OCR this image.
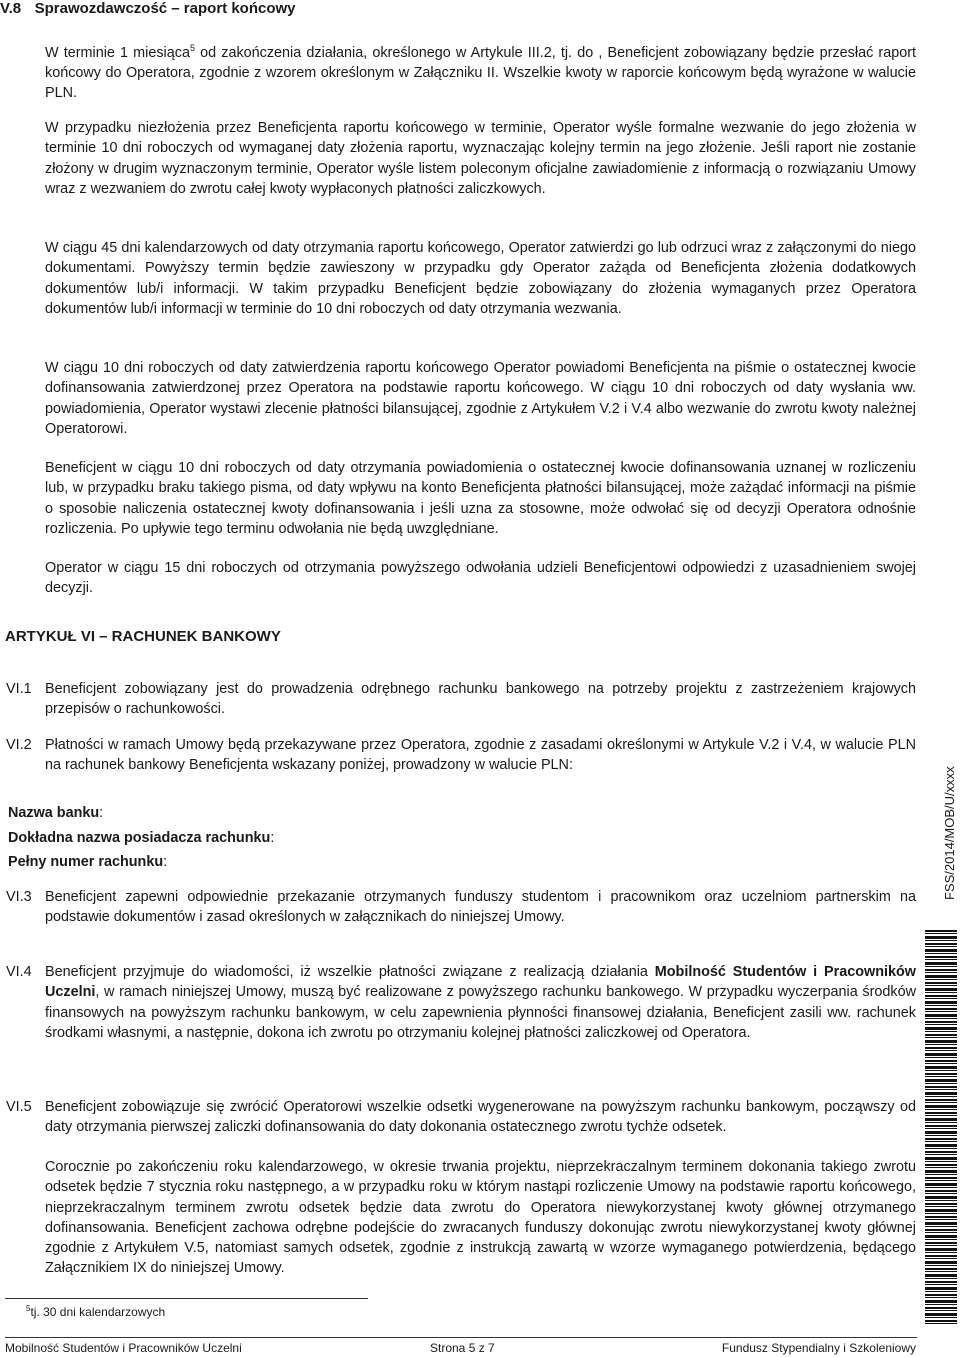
V.8 Sprawozdawczość – raport końcowy
W terminie 1 miesiąca$^5$ od zakończenia działania, określonego w Artykule III.2, tj. do , Beneficjent zobowiązany będzie przesłać raport końcowy do Operatora, zgodnie z wzorem określonym w Załączniku II. Wszelkie kwoty w raporcie końcowym będą wyrażone w walucie PLN.
W przypadku niezłożenia przez Beneficjenta raportu końcowego w terminie, Operator wyśle formalne wezwanie do jego złożenia w terminie 10 dni roboczych od wymaganej daty złożenia raportu, wyznaczając kolejny termin na jego złożenie. Jeśli raport nie zostanie złożony w drugim wyznaczonym terminie, Operator wyśle listem poleconym oficjalne zawiadomienie z informacją o rozwiązaniu Umowy wraz z wezwaniem do zwrotu całej kwoty wypłaconych płatności zaliczkowych.
W ciągu 45 dni kalendarzowych od daty otrzymania raportu końcowego, Operator zatwierdzi go lub odrzuci wraz z załączonymi do niego dokumentami. Powyższy termin będzie zawieszony w przypadku gdy Operator zażąda od Beneficjenta złożenia dodatkowych dokumentów lub/i informacji. W takim przypadku Beneficjent będzie zobowiązany do złożenia wymaganych przez Operatora dokumentów lub/i informacji w terminie do 10 dni roboczych od daty otrzymania wezwania.
W ciągu 10 dni roboczych od daty zatwierdzenia raportu końcowego Operator powiadomi Beneficjenta na piśmie o ostatecznej kwocie dofinansowania zatwierdzonej przez Operatora na podstawie raportu końcowego. W ciągu 10 dni roboczych od daty wysłania ww. powiadomienia, Operator wystawi zlecenie płatności bilansującej, zgodnie z Artykułem V.2 i V.4 albo wezwanie do zwrotu kwoty należnej Operatorowi.
Beneficjent w ciągu 10 dni roboczych od daty otrzymania powiadomienia o ostatecznej kwocie dofinansowania uznanej w rozliczeniu lub, w przypadku braku takiego pisma, od daty wpływu na konto Beneficjenta płatności bilansującej, może zażądać informacji na piśmie o sposobie naliczenia ostatecznej kwoty dofinansowania i jeśli uzna za stosowne, może odwołać się od decyzji Operatora odnośnie rozliczenia. Po upływie tego terminu odwołania nie będą uwzględniane.
Operator w ciągu 15 dni roboczych od otrzymania powyższego odwołania udzieli Beneficjentowi odpowiedzi z uzasadnieniem swojej decyzji.
ARTYKUŁ VI – RACHUNEK BANKOWY
VI.1 Beneficjent zobowiązany jest do prowadzenia odrębnego rachunku bankowego na potrzeby projektu z zastrzeżeniem krajowych przepisów o rachunkowości.
VI.2 Płatności w ramach Umowy będą przekazywane przez Operatora, zgodnie z zasadami określonymi w Artykule V.2 i V.4, w walucie PLN na rachunek bankowy Beneficjenta wskazany poniżej, prowadzony w walucie PLN:
Nazwa banku:
Dokładna nazwa posiadacza rachunku:
Pełny numer rachunku:
VI.3 Beneficjent zapewni odpowiednie przekazanie otrzymanych funduszy studentom i pracownikom oraz uczelniom partnerskim na podstawie dokumentów i zasad określonych w załącznikach do niniejszej Umowy.
VI.4 Beneficjent przyjmuje do wiadomości, iż wszelkie płatności związane z realizacją działania Mobilność Studentów i Pracowników Uczelni, w ramach niniejszej Umowy, muszą być realizowane z powyższego rachunku bankowego. W przypadku wyczerpania środków finansowych na powyższym rachunku bankowym, w celu zapewnienia płynności finansowej działania, Beneficjent zasili ww. rachunek środkami własnymi, a następnie, dokona ich zwrotu po otrzymaniu kolejnej płatności zaliczkowej od Operatora.
VI.5 Beneficjent zobowiązuje się zwrócić Operatorowi wszelkie odsetki wygenerowane na powyższym rachunku bankowym, począwszy od daty otrzymania pierwszej zaliczki dofinansowania do daty dokonania ostatecznego zwrotu tychże odsetek.
Corocznie po zakończeniu roku kalendarzowego, w okresie trwania projektu, nieprzekraczalnym terminem dokonania takiego zwrotu odsetek będzie 7 stycznia roku następnego, a w przypadku roku w którym nastąpi rozliczenie Umowy na podstawie raportu końcowego, nieprzekraczalnym terminem zwrotu odsetek będzie data zwrotu do Operatora niewykorzystanej kwoty głównej otrzymanego dofinansowania. Beneficjent zachowa odrębne podejście do zwracanych funduszy dokonując zwrotu niewykorzystanej kwoty głównej zgodnie z Artykułem V.5, natomiast samych odsetek, zgodnie z instrukcją zawartą w wzorze wymaganego potwierdzenia, będącego Załącznikiem IX do niniejszej Umowy.
$^5$tj. 30 dni kalendarzowych
Mobilność Studentów i Pracowników Uczelni	Strona 5 z 7	Fundusz Stypendialny i Szkoleniowy
FSS/2014/MOB/U/xxxx
